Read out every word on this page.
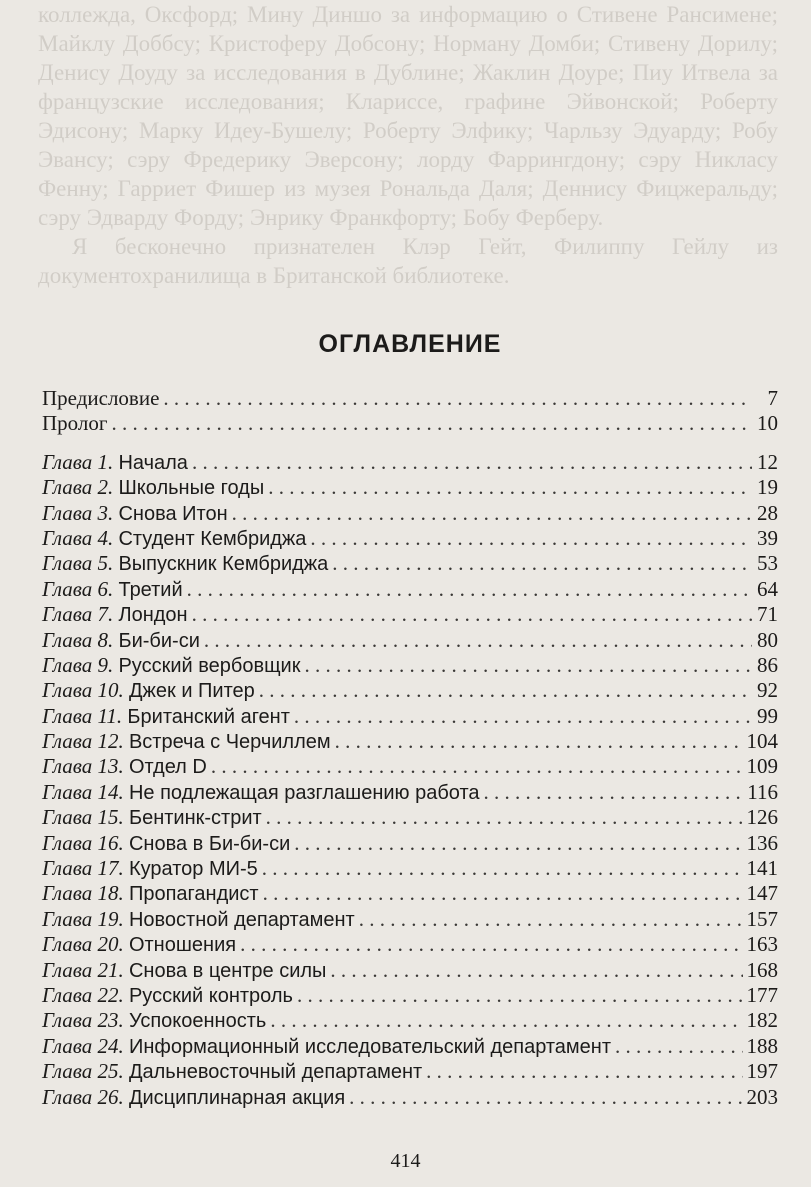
коллежда, Оксфорд; Мину Диншо за информацию о Стивене Рансимене; Майклу Доббсу; Кристоферу Добсону; Норману Домби; Стивену Дорилу; Денису Доуду за исследования в Дублине; Жаклин Доуре; Пиу Итвела за французские исследования; Клариссе, графине Эйвонской; Роберту Эдисону; Марку Идеу-Бушелу; Роберту Элфику; Чарльзу Эдуарду; Робу Эвансу; сэру Фредерику Эверсону; лорду Фаррингдону; сэру Никласу Фенну; Гарриет Фишер из музея Рональда Даля; Деннису Фицжеральду; сэру Эдварду Форду; Энрику Франкфорту; Бобу Ферберу.

Я бесконечно признателен Клэр Гейт, Филиппу Гейлу из документохранилища в Британской библиотеке.

ОГЛАВЛЕНИЕ
Предисловие . . .	7
Пролог . . .	10
Глава 1. Начала . . .	12
Глава 2. Школьные годы . . .	19
Глава 3. Снова Итон . . .	28
Глава 4. Студент Кембриджа . . .	39
Глава 5. Выпускник Кембриджа . . .	53
Глава 6. Третий . . .	64
Глава 7. Лондон . . .	71
Глава 8. Би-би-си . . .	80
Глава 9. Русский вербовщик . . .	86
Глава 10. Джек и Питер . . .	92
Глава 11. Британский агент . . .	99
Глава 12. Встреча с Черчиллем . . .	104
Глава 13. Отдел D . . .	109
Глава 14. Не подлежащая разглашению работа . . .	116
Глава 15. Бентинк-стрит . . .	126
Глава 16. Снова в Би-би-си . . .	136
Глава 17. Куратор МИ-5 . . .	141
Глава 18. Пропагандист . . .	147
Глава 19. Новостной департамент . . .	157
Глава 20. Отношения . . .	163
Глава 21. Снова в центре силы . . .	168
Глава 22. Русский контроль . . .	177
Глава 23. Успокоенность . . .	182
Глава 24. Информационный исследовательский департамент . . .	188
Глава 25. Дальневосточный департамент . . .	197
Глава 26. Дисциплинарная акция . . .	203
414
